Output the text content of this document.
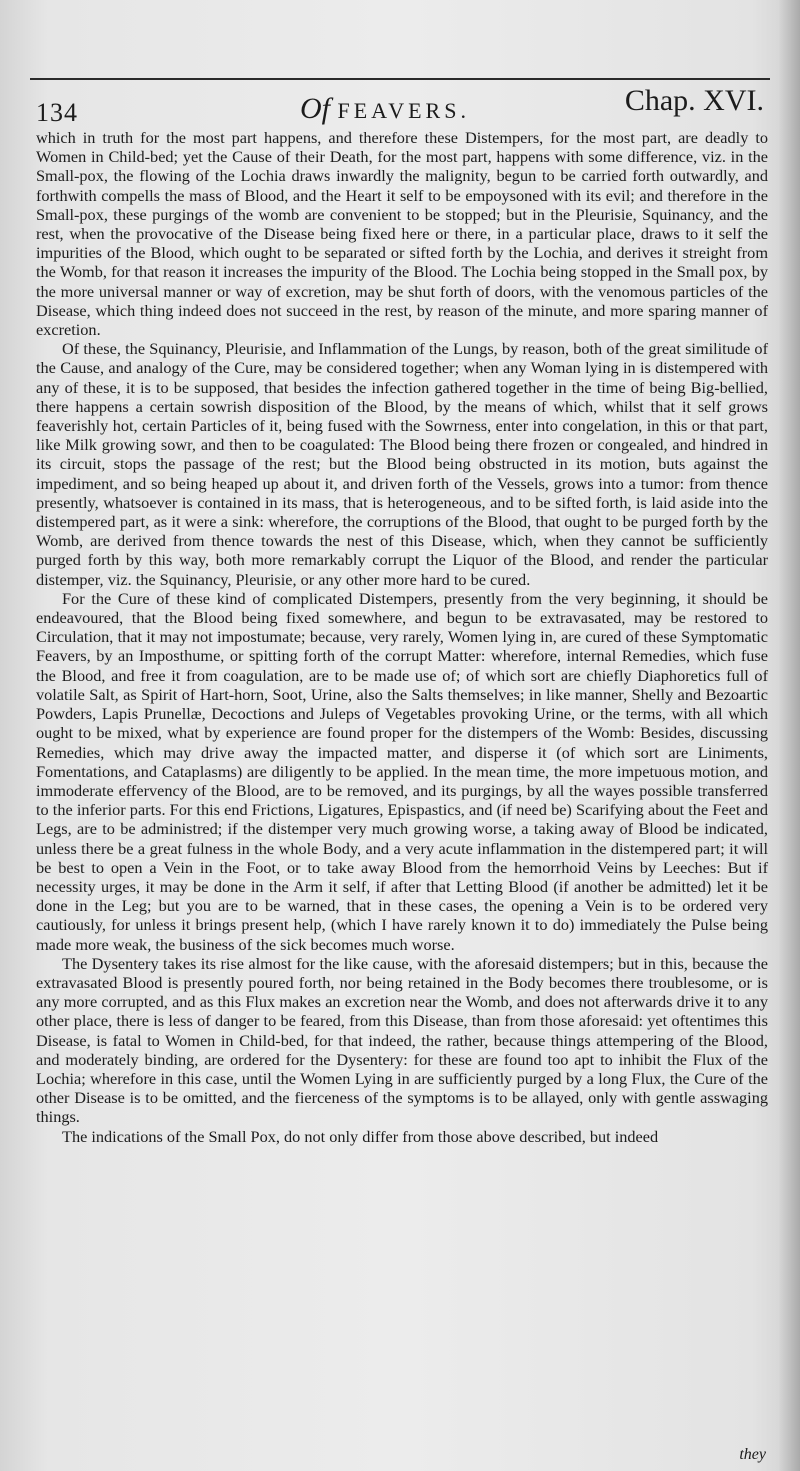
134	Of FEAVERS.	Chap. XVI.

which in truth for the most part happens, and therefore these Distempers, for the most part, are deadly to Women in Child-bed; yet the Cause of their Death, for the most part, happens with some difference, viz. in the Small-pox, the flowing of the Lochia draws inwardly the malignity, begun to be carried forth outwardly, and forthwith compells the mass of Blood, and the Heart it self to be empoysoned with its evil; and therefore in the Small-pox, these purgings of the womb are convenient to be stopped; but in the Pleurisie, Squinancy, and the rest, when the provocative of the Disease being fixed here or there, in a particular place, draws to it self the impurities of the Blood, which ought to be separated or sifted forth by the Lochia, and derives it streight from the Womb, for that reason it increases the impurity of the Blood. The Lochia being stopped in the Small pox, by the more universal manner or way of excretion, may be shut forth of doors, with the venomous particles of the Disease, which thing indeed does not succeed in the rest, by reason of the minute, and more sparing manner of excretion.

Of these, the Squinancy, Pleurisie, and Inflammation of the Lungs, by reason, both of the great similitude of the Cause, and analogy of the Cure, may be considered together; when any Woman lying in is distempered with any of these, it is to be supposed, that besides the infection gathered together in the time of being Big-bellied, there happens a certain sowrish disposition of the Blood, by the means of which, whilst that it self grows feaverishly hot, certain Particles of it, being fused with the Sowrness, enter into congelation, in this or that part, like Milk growing sowr, and then to be coagulated: The Blood being there frozen or congealed, and hindred in its circuit, stops the passage of the rest; but the Blood being obstructed in its motion, buts against the impediment, and so being heaped up about it, and driven forth of the Vessels, grows into a tumor: from thence presently, whatsoever is contained in its mass, that is heterogeneous, and to be sifted forth, is laid aside into the distempered part, as it were a sink: wherefore, the corruptions of the Blood, that ought to be purged forth by the Womb, are derived from thence towards the nest of this Disease, which, when they cannot be sufficiently purged forth by this way, both more remarkably corrupt the Liquor of the Blood, and render the particular distemper, viz. the Squinancy, Pleurisie, or any other more hard to be cured.

For the Cure of these kind of complicated Distempers, presently from the very beginning, it should be endeavoured, that the Blood being fixed somewhere, and begun to be extravasated, may be restored to Circulation, that it may not impostumate; because, very rarely, Women lying in, are cured of these Symptomatic Feavers, by an Imposthume, or spitting forth of the corrupt Matter: wherefore, internal Remedies, which fuse the Blood, and free it from coagulation, are to be made use of; of which sort are chiefly Diaphoretics full of volatile Salt, as Spirit of Hart-horn, Soot, Urine, also the Salts themselves; in like manner, Shelly and Bezoartic Powders, Lapis Prunellæ, Decoctions and Juleps of Vegetables provoking Urine, or the terms, with all which ought to be mixed, what by experience are found proper for the distempers of the Womb: Besides, discussing Remedies, which may drive away the impacted matter, and disperse it (of which sort are Liniments, Fomentations, and Cataplasms) are diligently to be applied. In the mean time, the more impetuous motion, and immoderate effervency of the Blood, are to be removed, and its purgings, by all the wayes possible transferred to the inferior parts. For this end Frictions, Ligatures, Epispastics, and (if need be) Scarifying about the Feet and Legs, are to be administred; if the distemper very much growing worse, a taking away of Blood be indicated, unless there be a great fulness in the whole Body, and a very acute inflammation in the distempered part; it will be best to open a Vein in the Foot, or to take away Blood from the hemorrhoid Veins by Leeches: But if necessity urges, it may be done in the Arm it self, if after that Letting Blood (if another be admitted) let it be done in the Leg; but you are to be warned, that in these cases, the opening a Vein is to be ordered very cautiously, for unless it brings present help, (which I have rarely known it to do) immediately the Pulse being made more weak, the business of the sick becomes much worse.

The Dysentery takes its rise almost for the like cause, with the aforesaid distempers; but in this, because the extravasated Blood is presently poured forth, nor being retained in the Body becomes there troublesome, or is any more corrupted, and as this Flux makes an excretion near the Womb, and does not afterwards drive it to any other place, there is less of danger to be feared, from this Disease, than from those aforesaid: yet oftentimes this Disease, is fatal to Women in Child-bed, for that indeed, the rather, because things attempering of the Blood, and moderately binding, are ordered for the Dysentery: for these are found too apt to inhibit the Flux of the Lochia; wherefore in this case, until the Women Lying in are sufficiently purged by a long Flux, the Cure of the other Disease is to be omitted, and the fierceness of the symptoms is to be allayed, only with gentle asswaging things.

The indications of the Small Pox, do not only differ from those above described, but indeed

they
